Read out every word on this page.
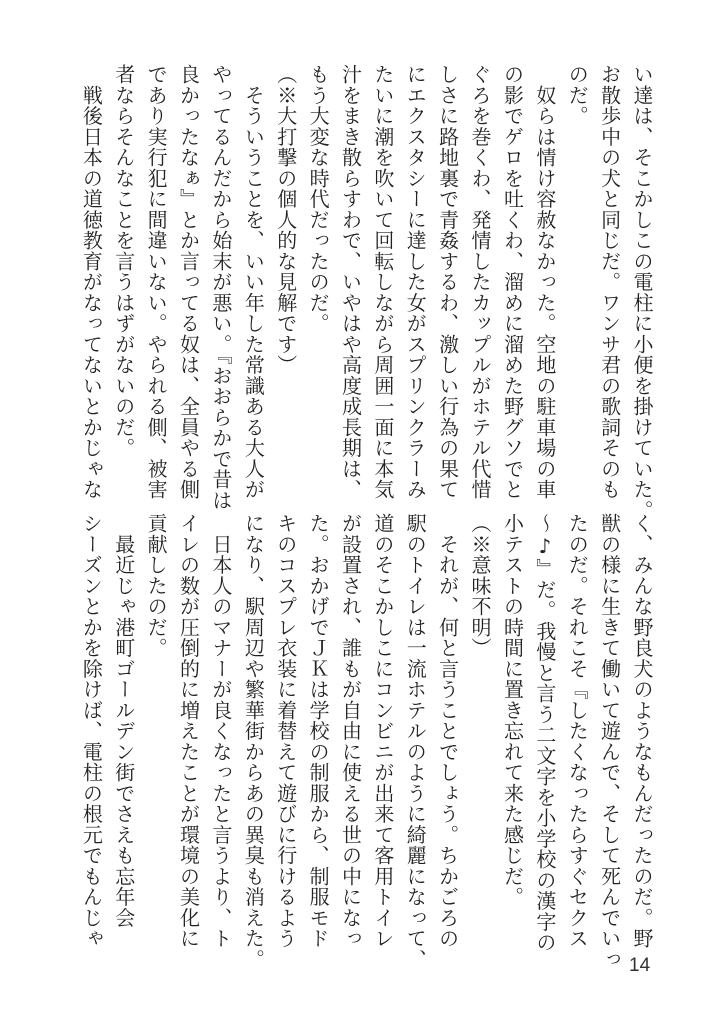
い達は、そこかしこの電柱に小便を掛けていた。

お散歩中の犬と同じだ。ワンサ君の歌詞そのも

のだ。

　奴らは情け容赦なかった。空地の駐車場の車

の影でゲロを吐くわ、溜めに溜めた野グソでと

ぐろを巻くわ、発情したカップルがホテル代惜

しさに路地裏で青姦するわ、激しい行為の果て

にエクスタシーに達した女がスプリンクラーみ

たいに潮を吹いて回転しながら周囲一面に本気

汁をまき散らすわで、いやはや高度成長期は、

もう大変な時代だったのだ。

（※大打撃の個人的な見解です）

　そういうことを、いい年した常識ある大人が

やってるんだから始末が悪い。『おおらかで昔は

良かったなぁ』とか言ってる奴は、全員やる側

であり実行犯に間違いない。やられる側、被害

者ならそんなことを言うはずがないのだ。

　戦後日本の道徳教育がなってないとかじゃな

く、みんな野良犬のようなもんだったのだ。野

獣の様に生きて働いて遊んで、そして死んでいっ

たのだ。それこそ『したくなったらすぐセクス

〜♪』だ。我慢と言う二文字を小学校の漢字の

小テストの時間に置き忘れて来た感じだ。

（※意味不明）

　それが、何と言うことでしょう。ちかごろの

駅のトイレは一流ホテルのように綺麗になって、

道のそこかしこにコンビニが出来て客用トイレ

が設置され、誰もが自由に使える世の中になっ

た。おかげでＪＫは学校の制服から、制服モド

キのコスプレ衣装に着替えて遊びに行けるよう

になり、駅周辺や繁華街からあの異臭も消えた。

　日本人のマナーが良くなったと言うより、ト

イレの数が圧倒的に増えたことが環境の美化に

貢献したのだ。

　最近じゃ港町ゴールデン街でさえも忘年会

シーズンとかを除けば、電柱の根元でもんじゃ

14
